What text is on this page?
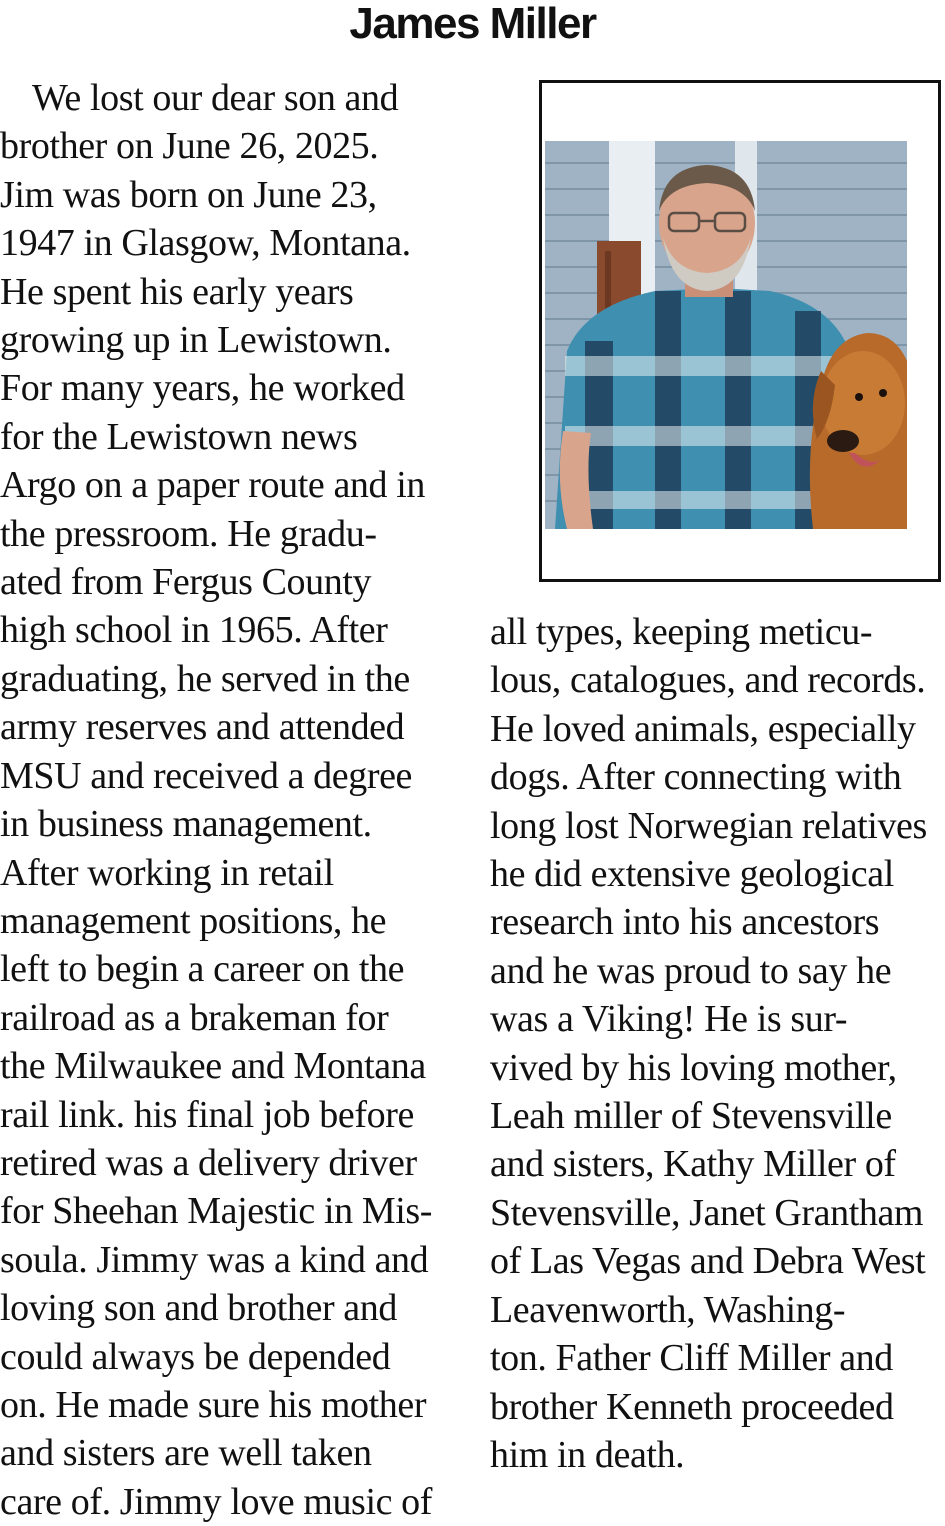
James Miller
We lost our dear son and
brother on June 26, 2025.
Jim was born on June 23,
1947 in Glasgow, Montana.
He spent his early years
growing up in Lewistown.
For many years, he worked
for the Lewistown news
Argo on a paper route and in
the pressroom. He gradu-
ated from Fergus County
high school in 1965. After
graduating, he served in the
army reserves and attended
MSU and received a degree
in business management.
After working in retail
management positions, he
left to begin a career on the
railroad as a brakeman for
the Milwaukee and Montana
rail link. his final job before
retired was a delivery driver
for Sheehan Majestic in Mis-
soula. Jimmy was a kind and
loving son and brother and
could always be depended
on. He made sure his mother
and sisters are well taken
care of. Jimmy love music of
all types, keeping meticu-
lous, catalogues, and records.
He loved animals, especially
dogs. After connecting with
long lost Norwegian relatives
he did extensive geological
research into his ancestors
and he was proud to say he
was a Viking! He is sur-
vived by his loving mother,
Leah miller of Stevensville
and sisters, Kathy Miller of
Stevensville, Janet Grantham
of Las Vegas and Debra West
Leavenworth, Washing-
ton. Father Cliff Miller and
brother Kenneth proceeded
him in death.
